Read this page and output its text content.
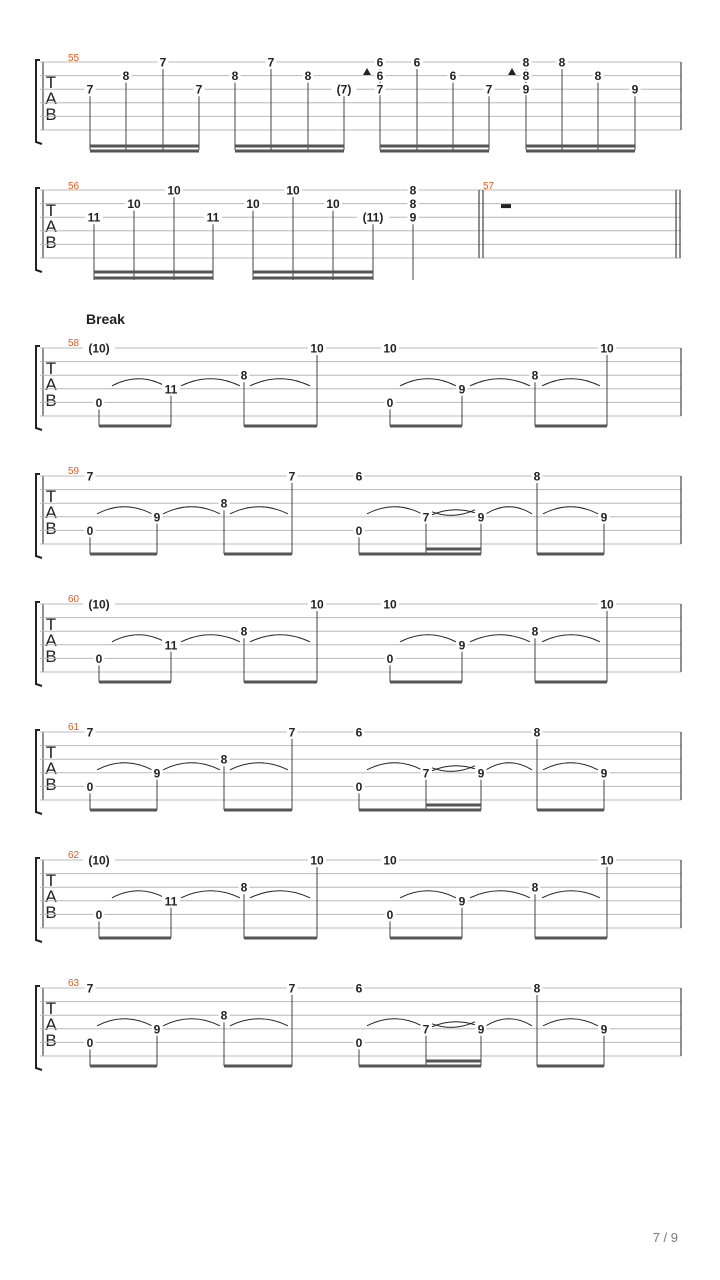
T
A
B
55
7
8
7
7
8
7
8
(7)
6
6
7
6
6
7
8
8
9
8
8
9
T
A
B
56	57
11
10
10
11
10
10
10
(11)
8
8
9
Break
T
A
B
58 (10)
0
11
8
10	10
0
9
8
10
T
A
B
59 7
0
9
8
7	6
0
7	9
8
9
T
A
B
60 (10)
0
11
8
10	10
0
9
8
10
T
A
B
61 7
0
9
8
7	6
0
7	9
8
9
T
A
B
62 (10)
0
11
8
10	10
0
9
8
10
T
A
B
63 7
0
9
8
7	6
0
7	9
8
9
7 / 9
